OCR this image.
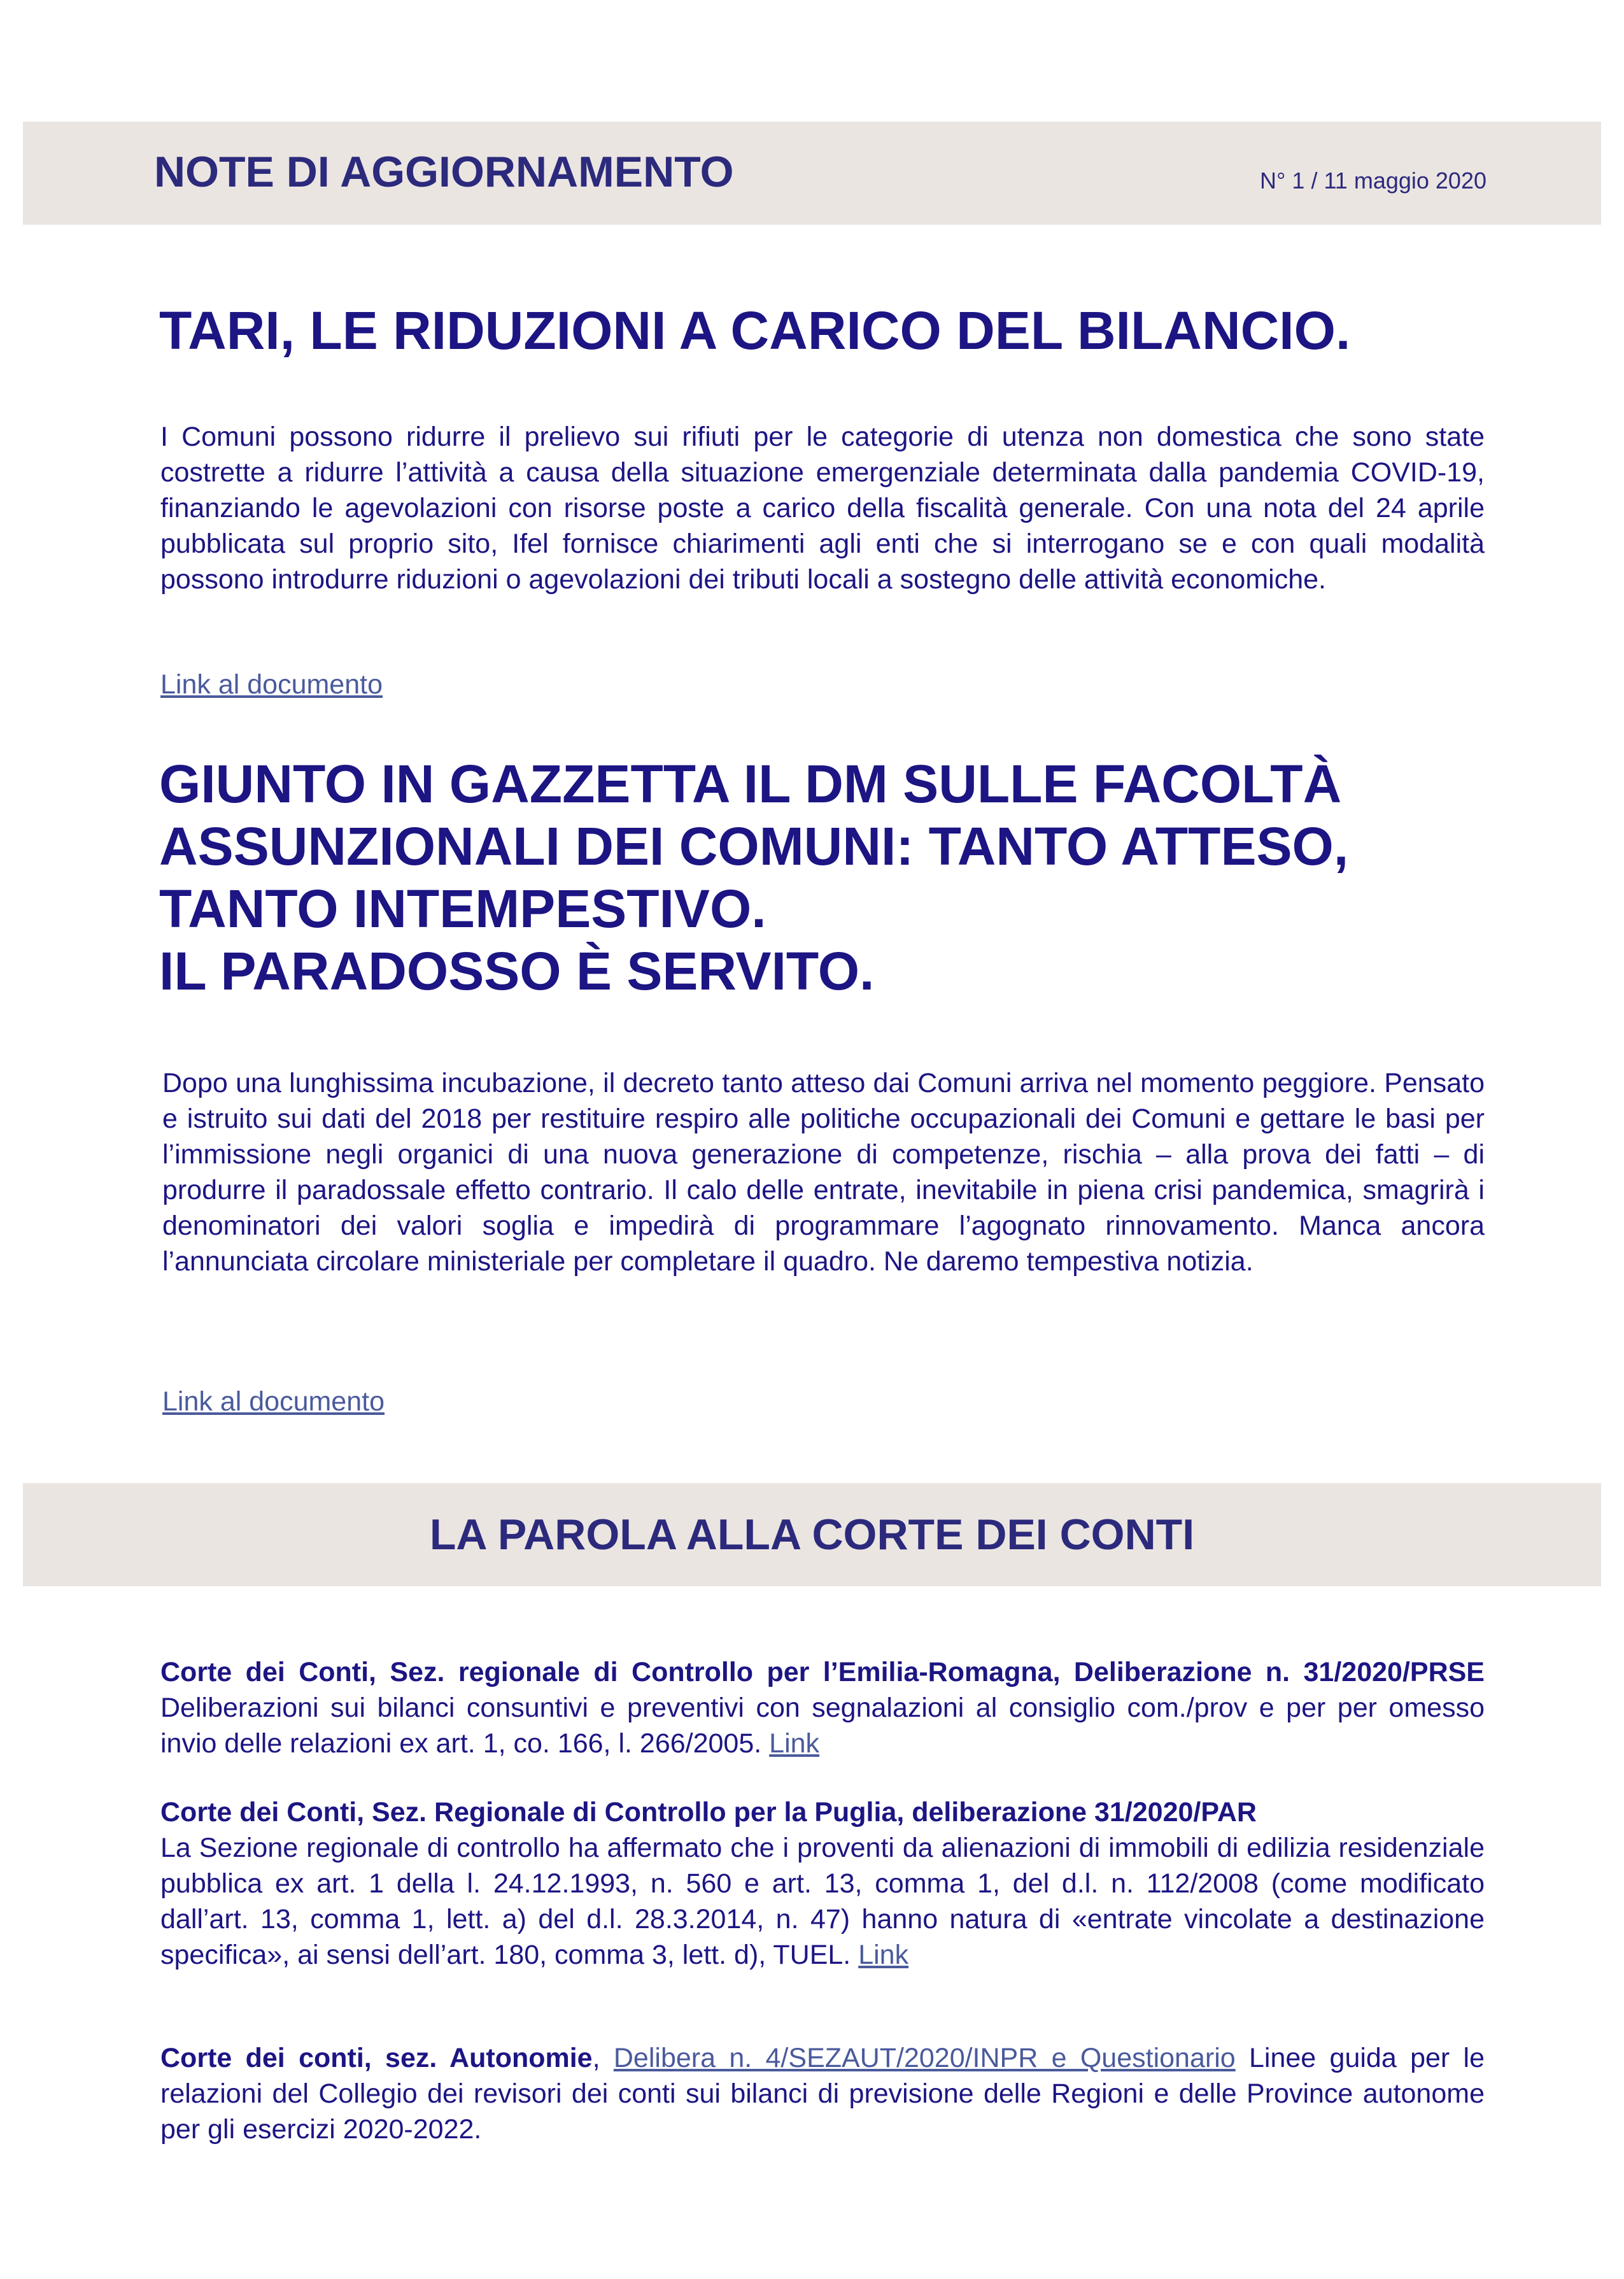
NOTE DI AGGIORNAMENTO	N° 1 / 11 maggio 2020
TARI, LE RIDUZIONI A CARICO DEL BILANCIO.

I Comuni possono ridurre il prelievo sui rifiuti per le categorie di utenza non domestica che sono state costrette a ridurre l’attività a causa della situazione emergenziale determinata dalla pandemia COVID-19, finanziando le agevolazioni con risorse poste a carico della fiscalità generale. Con una nota del 24 aprile pubblicata sul proprio sito, Ifel fornisce chiarimenti agli enti che si interrogano se e con quali modalità possono introdurre riduzioni o agevolazioni dei tributi locali a sostegno delle attività economiche.

Link al documento
GIUNTO IN GAZZETTA IL DM SULLE FACOLTÀ
ASSUNZIONALI DEI COMUNI: TANTO ATTESO,
TANTO INTEMPESTIVO.
IL PARADOSSO È SERVITO.

Dopo una lunghissima incubazione, il decreto tanto atteso dai Comuni arriva nel momento peggiore. Pensato e istruito sui dati del 2018 per restituire respiro alle politiche occupazionali dei Comuni e gettare le basi per l’immissione negli organici di una nuova generazione di competenze, rischia – alla prova dei fatti – di produrre il paradossale effetto contrario. Il calo delle entrate, inevitabile in piena crisi pandemica, smagrirà i denominatori dei valori soglia e impedirà di programmare l’agognato rinnovamento. Manca ancora l’annunciata circolare ministeriale per completare il quadro. Ne daremo tempestiva notizia.

Link al documento
LA PAROLA ALLA CORTE DEI CONTI

Corte dei Conti, Sez. regionale di Controllo per l’Emilia-Romagna, Deliberazione n. 31/2020/PRSE Deliberazioni sui bilanci consuntivi e preventivi con segnalazioni al consiglio com./prov e per per omesso invio delle relazioni ex art. 1, co. 166, l. 266/2005. Link

Corte dei Conti, Sez. Regionale di Controllo per la Puglia, deliberazione 31/2020/PAR
La Sezione regionale di controllo ha affermato che i proventi da alienazioni di immobili di edilizia residenziale pubblica ex art. 1 della l. 24.12.1993, n. 560 e art. 13, comma 1, del d.l. n. 112/2008 (come modificato dall’art. 13, comma 1, lett. a) del d.l. 28.3.2014, n. 47) hanno natura di «entrate vincolate a destinazione specifica», ai sensi dell’art. 180, comma 3, lett. d), TUEL. Link

Corte dei conti, sez. Autonomie, Delibera n. 4/SEZAUT/2020/INPR e Questionario Linee guida per le relazioni del Collegio dei revisori dei conti sui bilanci di previsione delle Regioni e delle Province autonome per gli esercizi 2020-2022.
